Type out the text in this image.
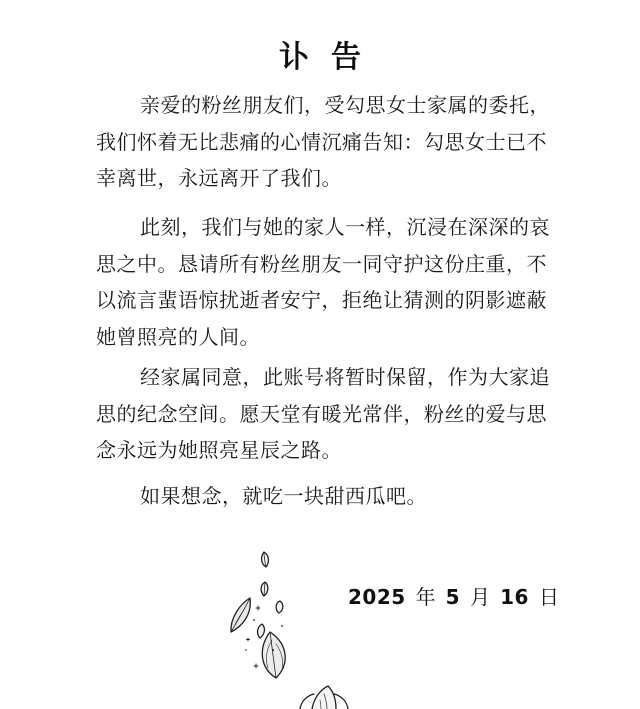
讣告
亲爱的粉丝朋友们，受勾思女士家属的委托，我们怀着无比悲痛的心情沉痛告知：勾思女士已不幸离世，永远离开了我们。
此刻，我们与她的家人一样，沉浸在深深的哀思之中。恳请所有粉丝朋友一同守护这份庄重，不以流言蜚语惊扰逝者安宁，拒绝让猜测的阴影遮蔽她曾照亮的人间。
经家属同意，此账号将暂时保留，作为大家追思的纪念空间。愿天堂有暖光常伴，粉丝的爱与思念永远为她照亮星辰之路。
如果想念，就吃一块甜西瓜吧。
2025 年 5 月 16 日
